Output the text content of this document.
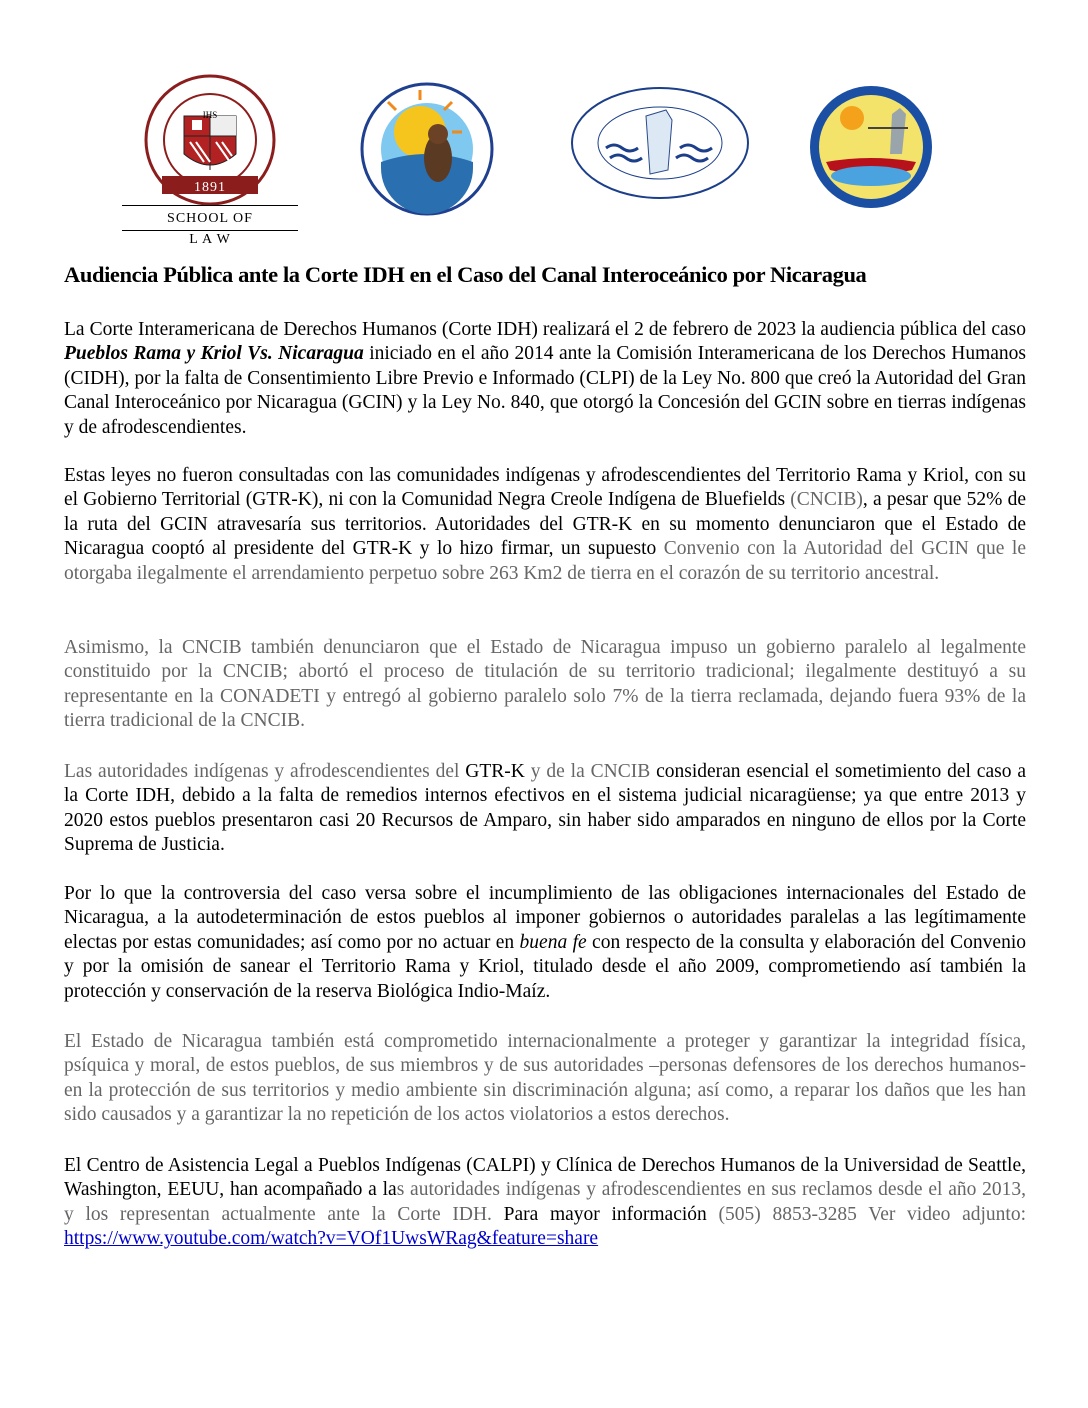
IHS
1891
SCHOOL OF
L A W
Audiencia Pública ante la Corte IDH en el Caso del Canal Interoceánico por Nicaragua

La Corte Interamericana de Derechos Humanos (Corte IDH) realizará el 2 de febrero de 2023 la audiencia pública del caso Pueblos Rama y Kriol Vs. Nicaragua iniciado en el año 2014 ante la Comisión Interamericana de los Derechos Humanos (CIDH), por la falta de Consentimiento Libre Previo e Informado (CLPI) de la Ley No. 800 que creó la Autoridad del Gran Canal Interoceánico por Nicaragua (GCIN) y la Ley No. 840, que otorgó la Concesión del GCIN sobre en tierras indígenas y de afrodescendientes.

Estas leyes no fueron consultadas con las comunidades indígenas y afrodescendientes del Territorio Rama y Kriol, con su el Gobierno Territorial (GTR-K), ni con la Comunidad Negra Creole Indígena de Bluefields (CNCIB), a pesar que 52% de la ruta del GCIN atravesaría sus territorios. Autoridades del GTR-K en su momento denunciaron que el Estado de Nicaragua cooptó al presidente del GTR-K y lo hizo firmar, un supuesto Convenio con la Autoridad del GCIN que le otorgaba ilegalmente el arrendamiento perpetuo sobre 263 Km2 de tierra en el corazón de su territorio ancestral.

Asimismo, la CNCIB también denunciaron que el Estado de Nicaragua impuso un gobierno paralelo al legalmente constituido por la CNCIB; abortó el proceso de titulación de su territorio tradicional; ilegalmente destituyó a su representante en la CONADETI y entregó al gobierno paralelo solo 7% de la tierra reclamada, dejando fuera 93% de la tierra tradicional de la CNCIB.

Las autoridades indígenas y afrodescendientes del GTR-K y de la CNCIB consideran esencial el sometimiento del caso a la Corte IDH, debido a la falta de remedios internos efectivos en el sistema judicial nicaragüense; ya que entre 2013 y 2020 estos pueblos presentaron casi 20 Recursos de Amparo, sin haber sido amparados en ninguno de ellos por la Corte Suprema de Justicia.

Por lo que la controversia del caso versa sobre el incumplimiento de las obligaciones internacionales del Estado de Nicaragua, a la autodeterminación de estos pueblos al imponer gobiernos o autoridades paralelas a las legítimamente electas por estas comunidades; así como por no actuar en buena fe con respecto de la consulta y elaboración del Convenio y por la omisión de sanear el Territorio Rama y Kriol, titulado desde el año 2009, comprometiendo así también la protección y conservación de la reserva Biológica Indio-Maíz.

El Estado de Nicaragua también está comprometido internacionalmente a proteger y garantizar la integridad física, psíquica y moral, de estos pueblos, de sus miembros y de sus autoridades –personas defensores de los derechos humanos- en la protección de sus territorios y medio ambiente sin discriminación alguna; así como, a reparar los daños que les han sido causados y a garantizar la no repetición de los actos violatorios a estos derechos.

El Centro de Asistencia Legal a Pueblos Indígenas (CALPI) y Clínica de Derechos Humanos de la Universidad de Seattle, Washington, EEUU, han acompañado a las autoridades indígenas y afrodescendientes en sus reclamos desde el año 2013, y los representan actualmente ante la Corte IDH. Para mayor información (505) 8853-3285 Ver video adjunto: https://www.youtube.com/watch?v=VOf1UwsWRag&feature=share
